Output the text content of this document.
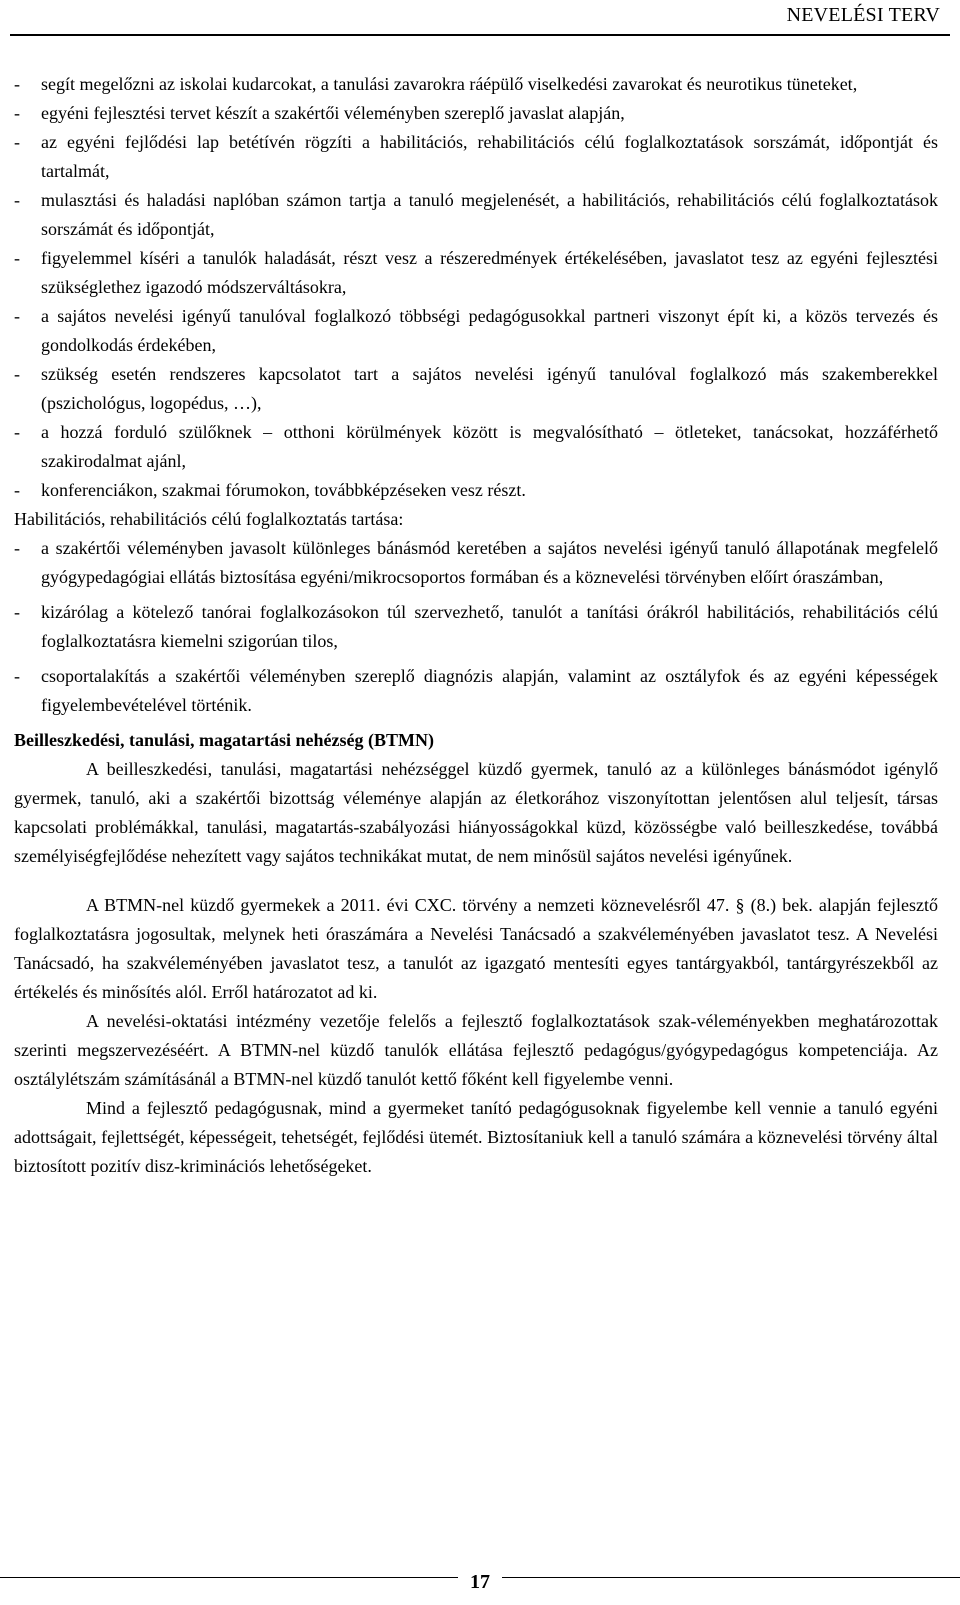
NEVELÉSI TERV
- segít megelőzni az iskolai kudarcokat, a tanulási zavarokra ráépülő viselkedési zavarokat és neurotikus tüneteket,
- egyéni fejlesztési tervet készít a szakértői véleményben szereplő javaslat alapján,
- az egyéni fejlődési lap betétívén rögzíti a habilitációs, rehabilitációs célú foglalkoztatások sorszámát, időpontját és tartalmát,
- mulasztási és haladási naplóban számon tartja a tanuló megjelenését, a habilitációs, rehabilitációs célú foglalkoztatások sorszámát és időpontját,
- figyelemmel kíséri a tanulók haladását, részt vesz a részeredmények értékelésében, javaslatot tesz az egyéni fejlesztési szükséglethez igazodó módszerváltásokra,
- a sajátos nevelési igényű tanulóval foglalkozó többségi pedagógusokkal partneri viszonyt épít ki, a közös tervezés és gondolkodás érdekében,
- szükség esetén rendszeres kapcsolatot tart a sajátos nevelési igényű tanulóval foglalkozó más szakemberekkel (pszichológus, logopédus, …),
- a hozzá forduló szülőknek – otthoni körülmények között is megvalósítható – ötleteket, tanácsokat, hozzáférhető szakirodalmat ajánl,
- konferenciákon, szakmai fórumokon, továbbképzéseken vesz részt.

Habilitációs, rehabilitációs célú foglalkoztatás tartása:

- a szakértői véleményben javasolt különleges bánásmód keretében a sajátos nevelési igényű tanuló állapotának megfelelő gyógypedagógiai ellátás biztosítása egyéni/mikrocsoportos formában és a köznevelési törvényben előírt óraszámban,
- kizárólag a kötelező tanórai foglalkozásokon túl szervezhető, tanulót a tanítási órákról habilitációs, rehabilitációs célú foglalkoztatásra kiemelni szigorúan tilos,
- csoportalakítás a szakértői véleményben szereplő diagnózis alapján, valamint az osztályfok és az egyéni képességek figyelembevételével történik.

Beilleszkedési, tanulási, magatartási nehézség (BTMN)

A beilleszkedési, tanulási, magatartási nehézséggel küzdő gyermek, tanuló az a különleges bánásmódot igénylő gyermek, tanuló, aki a szakértői bizottság véleménye alapján az életkorához viszonyítottan jelentősen alul teljesít, társas kapcsolati problémákkal, tanulási, magatartás-szabályozási hiányosságokkal küzd, közösségbe való beilleszkedése, továbbá személyiségfejlődése nehezített vagy sajátos technikákat mutat, de nem minősül sajátos nevelési igényűnek.

A BTMN-nel küzdő gyermekek a 2011. évi CXC. törvény a nemzeti köznevelésről 47. § (8.) bek. alapján fejlesztő foglalkoztatásra jogosultak, melynek heti óraszámára a Nevelési Tanácsadó a szakvéleményében javaslatot tesz. A Nevelési Tanácsadó, ha szakvéleményében javaslatot tesz, a tanulót az igazgató mentesíti egyes tantárgyakból, tantárgyrészekből az értékelés és minősítés alól. Erről határozatot ad ki.

A nevelési-oktatási intézmény vezetője felelős a fejlesztő foglalkoztatások szak-véleményekben meghatározottak szerinti megszervezéséért. A BTMN-nel küzdő tanulók ellátása fejlesztő pedagógus/gyógypedagógus kompetenciája. Az osztálylétszám számításánál a BTMN-nel küzdő tanulót kettő főként kell figyelembe venni.

Mind a fejlesztő pedagógusnak, mind a gyermeket tanító pedagógusoknak figyelembe kell vennie a tanuló egyéni adottságait, fejlettségét, képességeit, tehetségét, fejlődési ütemét. Biztosítaniuk kell a tanuló számára a köznevelési törvény által biztosított pozitív disz-kriminációs lehetőségeket.

17
